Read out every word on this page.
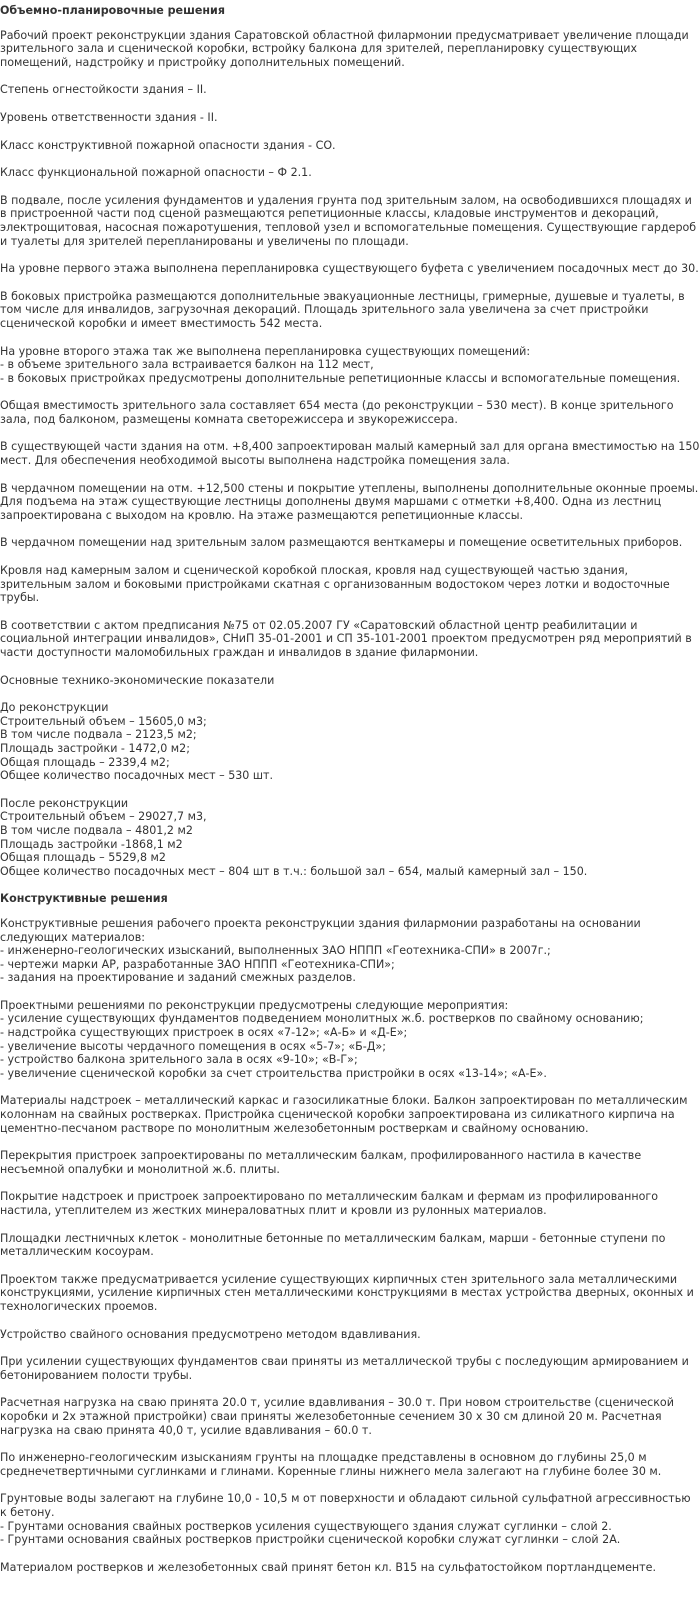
Объемно-планировочные решения
Рабочий проект реконструкции здания Саратовской областной филармонии предусматривает увеличение площади зрительного зала и сценической коробки, встройку балкона для зрителей, перепланировку существующих помещений, надстройку и пристройку дополнительных помещений.
Степень огнестойкости здания – II.
Уровень ответственности здания - II.
Класс конструктивной пожарной опасности здания - СО.
Класс функциональной пожарной опасности – Ф 2.1.
В подвале, после усиления фундаментов и удаления грунта под зрительным залом, на освободившихся площадях и в пристроенной части под сценой размещаются репетиционные классы, кладовые инструментов и декораций, электрощитовая, насосная пожаротушения, тепловой узел и вспомогательные помещения. Существующие гардероб и туалеты для зрителей перепланированы и увеличены по площади.
На уровне первого этажа выполнена перепланировка существующего буфета с увеличением посадочных мест до 30.
В боковых пристройка размещаются дополнительные эвакуационные лестницы, гримерные, душевые и туалеты, в том числе для инвалидов, загрузочная декораций. Площадь зрительного зала увеличена за счет пристройки сценической коробки и имеет вместимость 542 места.
На уровне второго этажа так же выполнена перепланировка существующих помещений:
- в объеме зрительного зала встраивается балкон на 112 мест,
- в боковых пристройках предусмотрены дополнительные репетиционные классы и вспомогательные помещения.
Общая вместимость зрительного зала составляет 654 места (до реконструкции – 530 мест). В конце зрительного зала, под балконом, размещены комната светорежиссера и звукорежиссера.
В существующей части здания на отм. +8,400 запроектирован малый камерный зал для органа вместимостью на 150 мест. Для обеспечения необходимой высоты выполнена надстройка помещения зала.
В чердачном помещении на отм. +12,500 стены и покрытие утеплены, выполнены дополнительные оконные проемы. Для подъема на этаж существующие лестницы дополнены двумя маршами с отметки +8,400. Одна из лестниц запроектирована с выходом на кровлю. На этаже размещаются репетиционные классы.
В чердачном помещении над зрительным залом размещаются венткамеры и помещение осветительных приборов.
Кровля над камерным залом и сценической коробкой плоская, кровля над существующей частью здания, зрительным залом и боковыми пристройками скатная с организованным водостоком через лотки и водосточные трубы.
В соответствии с актом предписания №75 от 02.05.2007 ГУ «Саратовский областной центр реабилитации и социальной интеграции инвалидов», СНиП 35-01-2001 и СП 35-101-2001 проектом предусмотрен ряд мероприятий в части доступности маломобильных граждан и инвалидов в здание филармонии.
Основные технико-экономические показатели
До реконструкции
Строительный объем – 15605,0 м3;
В том числе подвала – 2123,5 м2;
Площадь застройки - 1472,0 м2;
Общая площадь – 2339,4 м2;
Общее количество посадочных мест – 530 шт.
После реконструкции
Строительный объем – 29027,7 м3,
В том числе подвала – 4801,2 м2
Площадь застройки -1868,1 м2
Общая площадь – 5529,8 м2
Общее количество посадочных мест – 804 шт в т.ч.: большой зал – 654, малый камерный зал – 150.
Конструктивные решения
Конструктивные решения рабочего проекта реконструкции здания филармонии разработаны на основании следующих материалов:
- инженерно-геологических изысканий, выполненных ЗАО НППП «Геотехника-СПИ» в 2007г.;
- чертежи марки АР, разработанные ЗАО НППП «Геотехника-СПИ»;
- задания на проектирование и заданий смежных разделов.
Проектными решениями по реконструкции предусмотрены следующие мероприятия:
- усиление существующих фундаментов подведением монолитных ж.б. ростверков по свайному основанию;
- надстройка существующих пристроек в осях «7-12»; «А-Б» и «Д-Е»;
- увеличение высоты чердачного помещения в осях «5-7»; «Б-Д»;
- устройство балкона зрительного зала в осях «9-10»; «В-Г»;
- увеличение сценической коробки за счет строительства пристройки в осях «13-14»; «А-Е».
Материалы надстроек – металлический каркас и газосиликатные блоки. Балкон запроектирован по металлическим колоннам на свайных ростверках. Пристройка сценической коробки запроектирована из силикатного кирпича на цементно-песчаном растворе по монолитным железобетонным ростверкам и свайному основанию.
Перекрытия пристроек запроектированы по металлическим балкам, профилированного настила в качестве несъемной опалубки и монолитной ж.б. плиты.
Покрытие надстроек и пристроек запроектировано по металлическим балкам и фермам из профилированного настила, утеплителем из жестких минераловатных плит и кровли из рулонных материалов.
Площадки лестничных клеток - монолитные бетонные по металлическим балкам, марши - бетонные ступени по металлическим косоурам.
Проектом также предусматривается усиление существующих кирпичных стен зрительного зала металлическими конструкциями, усиление кирпичных стен металлическими конструкциями в местах устройства дверных, оконных и технологических проемов.
Устройство свайного основания предусмотрено методом вдавливания.
При усилении существующих фундаментов сваи приняты из металлической трубы с последующим армированием и бетонированием полости трубы.
Расчетная нагрузка на сваю принята 20.0 т, усилие вдавливания – 30.0 т. При новом строительстве (сценической коробки и 2х этажной пристройки) сваи приняты железобетонные сечением 30 х 30 см длиной 20 м. Расчетная нагрузка на сваю принята 40,0 т, усилие вдавливания – 60.0 т.
По инженерно-геологическим изысканиям грунты на площадке представлены в основном до глубины 25,0 м среднечетвертичными суглинками и глинами. Коренные глины нижнего мела залегают на глубине более 30 м.
Грунтовые воды залегают на глубине 10,0 - 10,5 м от поверхности и обладают сильной сульфатной агрессивностью к бетону.
- Грунтами основания свайных ростверков усиления существующего здания служат суглинки – слой 2.
- Грунтами основания свайных ростверков пристройки сценической коробки служат суглинки – слой 2А.
Материалом ростверков и железобетонных свай принят бетон кл. В15 на сульфатостойком портландцементе.
